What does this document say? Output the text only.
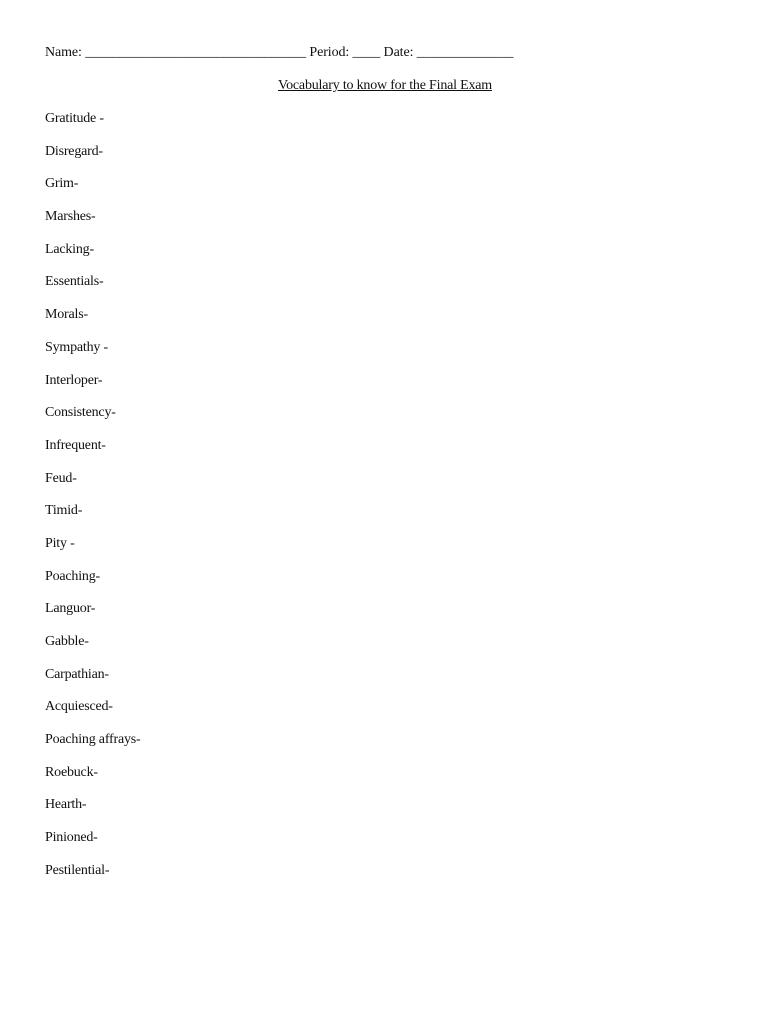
Name: ________________________________ Period: ____ Date: ______________
Vocabulary to know for the Final Exam
Gratitude -
Disregard-
Grim-
Marshes-
Lacking-
Essentials-
Morals-
Sympathy -
Interloper-
Consistency-
Infrequent-
Feud-
Timid-
Pity -
Poaching-
Languor-
Gabble-
Carpathian-
Acquiesced-
Poaching affrays-
Roebuck-
Hearth-
Pinioned-
Pestilential-
